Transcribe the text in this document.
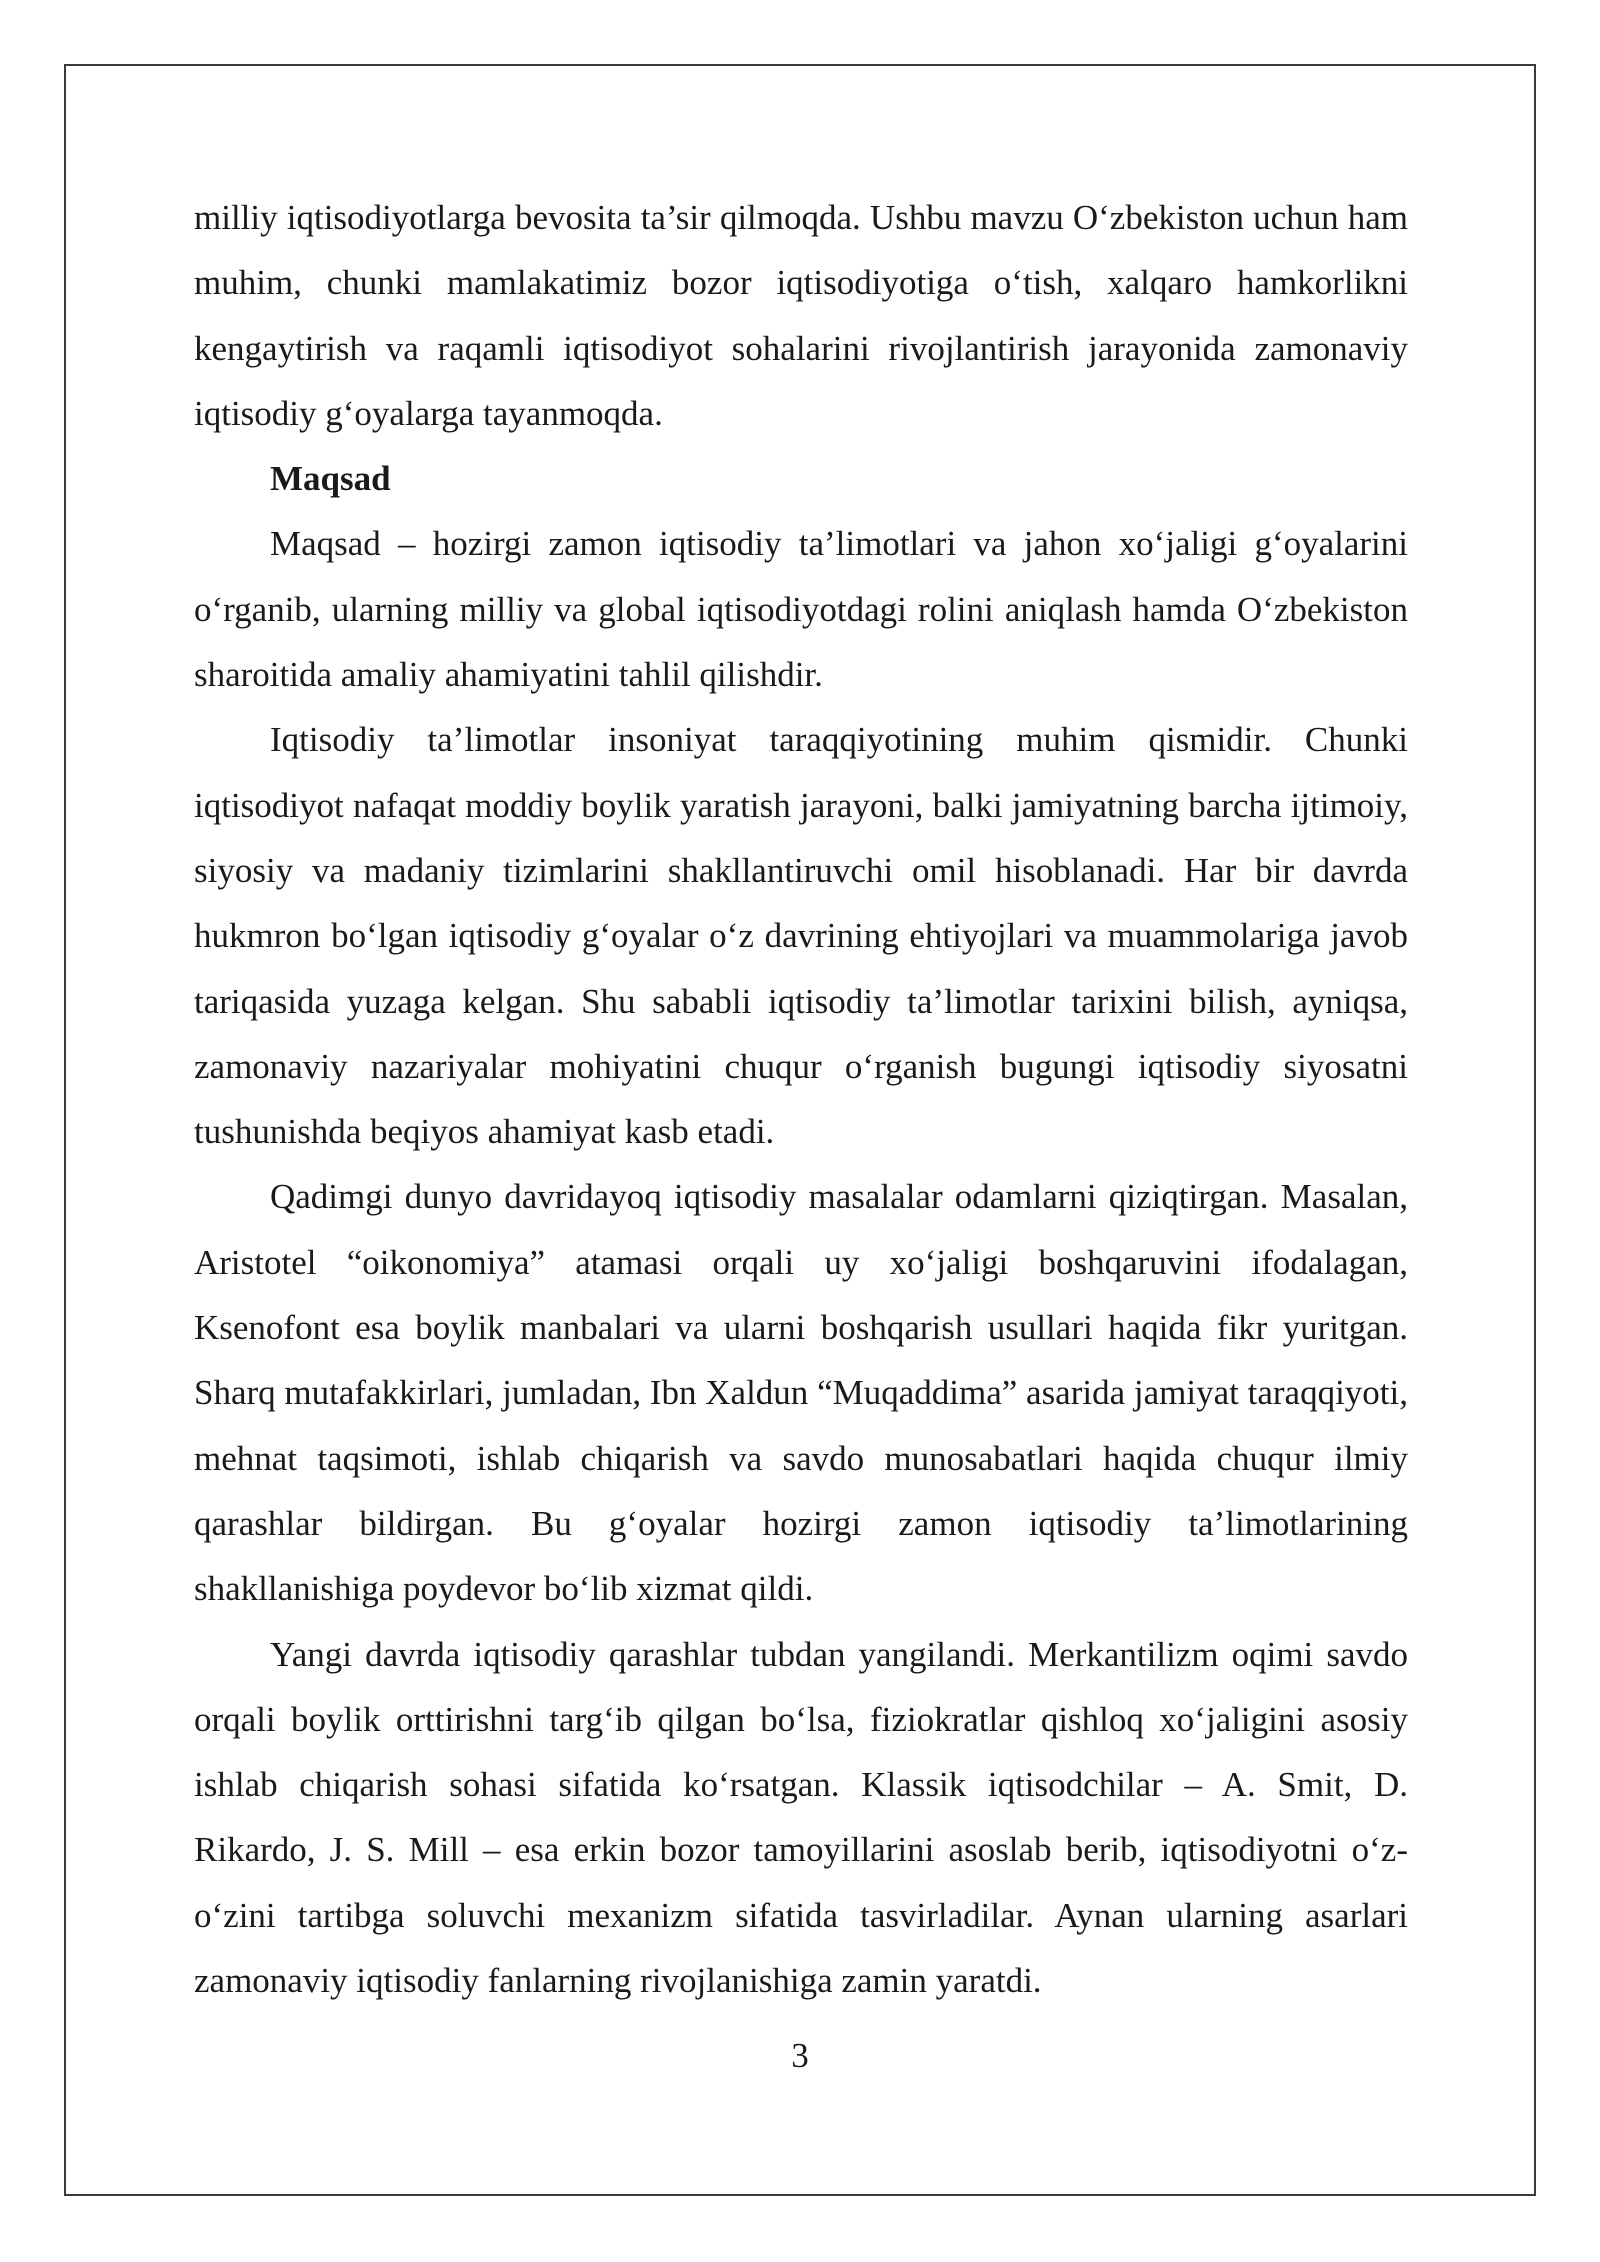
milliy iqtisodiyotlarga bevosita ta’sir qilmoqda. Ushbu mavzu O‘zbekiston uchun ham muhim, chunki mamlakatimiz bozor iqtisodiyotiga o‘tish, xalqaro hamkorlikni kengaytirish va raqamli iqtisodiyot sohalarini rivojlantirish jarayonida zamonaviy iqtisodiy g‘oyalarga tayanmoqda.

Maqsad

Maqsad – hozirgi zamon iqtisodiy ta’limotlari va jahon xo‘jaligi g‘oyalarini o‘rganib, ularning milliy va global iqtisodiyotdagi rolini aniqlash hamda O‘zbekiston sharoitida amaliy ahamiyatini tahlil qilishdir.

Iqtisodiy ta’limotlar insoniyat taraqqiyotining muhim qismidir. Chunki iqtisodiyot nafaqat moddiy boylik yaratish jarayoni, balki jamiyatning barcha ijtimoiy, siyosiy va madaniy tizimlarini shakllantiruvchi omil hisoblanadi. Har bir davrda hukmron bo‘lgan iqtisodiy g‘oyalar o‘z davrining ehtiyojlari va muammolariga javob tariqasida yuzaga kelgan. Shu sababli iqtisodiy ta’limotlar tarixini bilish, ayniqsa, zamonaviy nazariyalar mohiyatini chuqur o‘rganish bugungi iqtisodiy siyosatni tushunishda beqiyos ahamiyat kasb etadi.

Qadimgi dunyo davridayoq iqtisodiy masalalar odamlarni qiziqtirgan. Masalan, Aristotel “oikonomiya” atamasi orqali uy xo‘jaligi boshqaruvini ifodalagan, Ksenofont esa boylik manbalari va ularni boshqarish usullari haqida fikr yuritgan. Sharq mutafakkirlari, jumladan, Ibn Xaldun “Muqaddima” asarida jamiyat taraqqiyoti, mehnat taqsimoti, ishlab chiqarish va savdo munosabatlari haqida chuqur ilmiy qarashlar bildirgan. Bu g‘oyalar hozirgi zamon iqtisodiy ta’limotlarining shakllanishiga poydevor bo‘lib xizmat qildi.

Yangi davrda iqtisodiy qarashlar tubdan yangilandi. Merkantilizm oqimi savdo orqali boylik orttirishni targ‘ib qilgan bo‘lsa, fiziokratlar qishloq xo‘jaligini asosiy ishlab chiqarish sohasi sifatida ko‘rsatgan. Klassik iqtisodchilar – A. Smit, D. Rikardo, J. S. Mill – esa erkin bozor tamoyillarini asoslab berib, iqtisodiyotni o‘z-o‘zini tartibga soluvchi mexanizm sifatida tasvirladilar. Aynan ularning asarlari zamonaviy iqtisodiy fanlarning rivojlanishiga zamin yaratdi.

3
